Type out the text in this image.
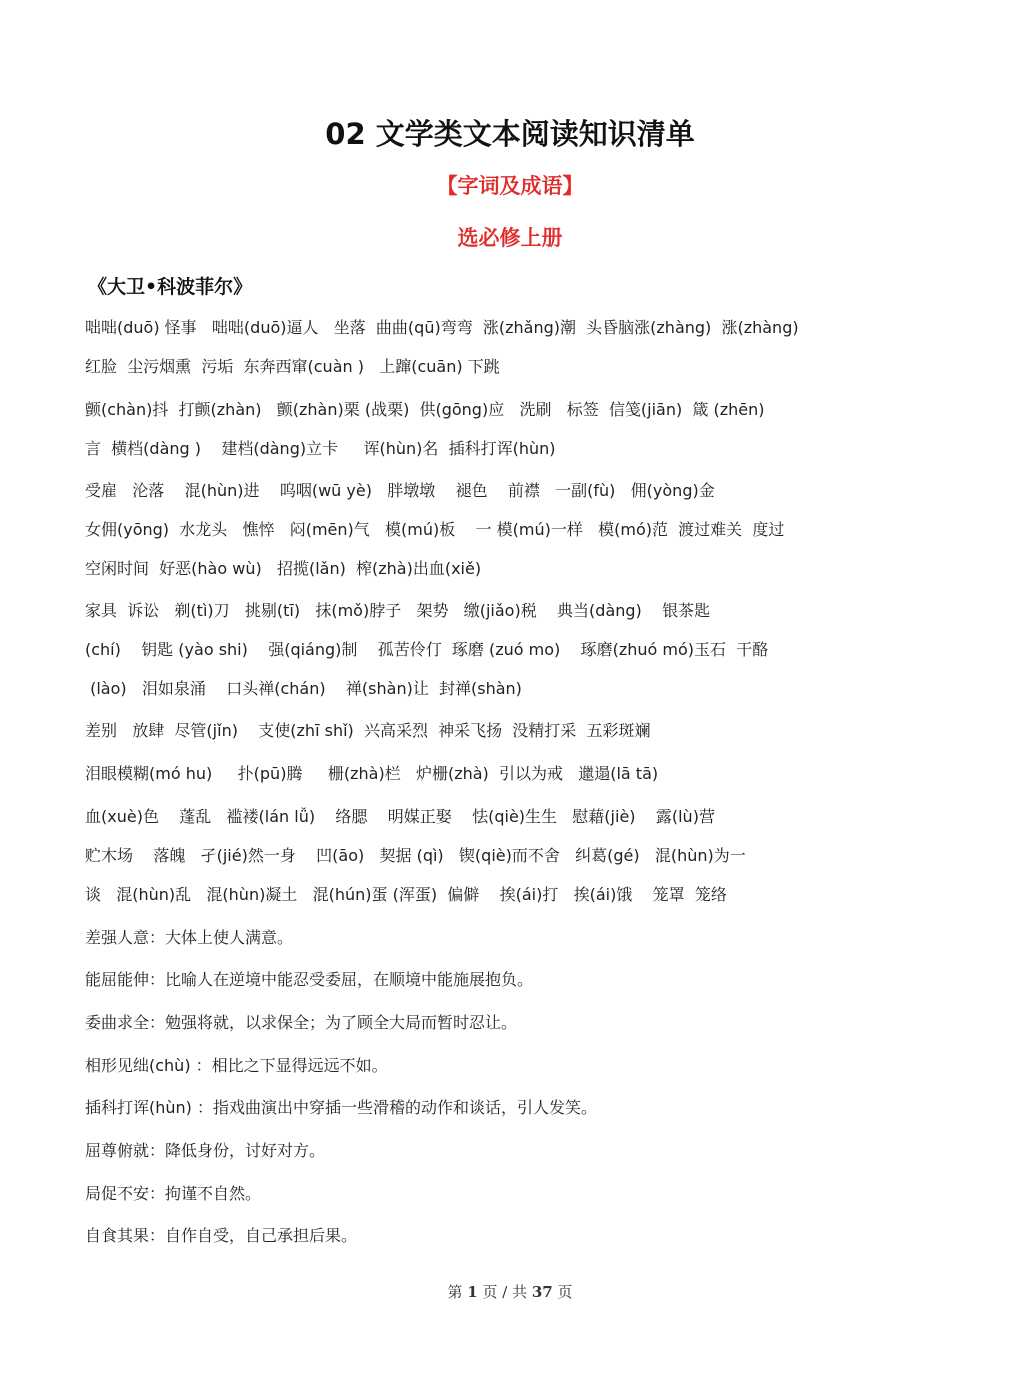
02 文学类文本阅读知识清单
【字词及成语】
选必修上册
《大卫•科波菲尔》
咄咄(duō) 怪事   咄咄(duō)逼人   坐落  曲曲(qū)弯弯  涨(zhǎng)潮  头昏脑涨(zhàng)  涨(zhàng)
红脸  尘污烟熏  污垢  东奔西窜(cuàn )   上蹿(cuān) 下跳
颤(chàn)抖  打颤(zhàn)   颤(zhàn)栗 (战栗)  供(gōng)应   洗刷   标签  信笺(jiān)  箴 (zhēn)
言  横档(dàng )    建档(dàng)立卡     诨(hùn)名  插科打诨(hùn)
受雇   沦落    混(hùn)进    呜咽(wū yè)   胖墩墩    褪色    前襟   一副(fù)   佣(yòng)金
女佣(yōng)  水龙头   憔悴   闷(mēn)气   模(mú)板    一 模(mú)一样   模(mó)范  渡过难关  度过
空闲时间  好恶(hào wù)   招揽(lǎn)  榨(zhà)出血(xiě)
家具  诉讼   剃(tì)刀   挑剔(tī)   抹(mǒ)脖子   架势   缴(jiǎo)税    典当(dàng)    银茶匙
(chí)    钥匙 (yào shi)    强(qiáng)制    孤苦伶仃  琢磨 (zuó mo)    琢磨(zhuó mó)玉石  干酪
(lào)   泪如泉涌    口头禅(chán)    禅(shàn)让  封禅(shàn)
差别   放肆  尽管(jǐn)    支使(zhī shǐ)  兴高采烈  神采飞扬  没精打采  五彩斑斓
泪眼模糊(mó hu)     扑(pū)腾     栅(zhà)栏   炉栅(zhà)  引以为戒   邋遢(lā tā)
血(xuè)色    蓬乱   褴褛(lán lǚ)    络腮    明媒正娶    怯(qiè)生生   慰藉(jiè)    露(lù)营
贮木场    落魄   孑(jié)然一身    凹(āo)   契据 (qì)   锲(qiè)而不舍   纠葛(gé)   混(hùn)为一
谈   混(hùn)乱   混(hùn)凝土   混(hún)蛋 (浑蛋)  偏僻    挨(ái)打   挨(ái)饿    笼罩  笼络
差强人意：大体上使人满意。
能屈能伸：比喻人在逆境中能忍受委屈，在顺境中能施展抱负。
委曲求全：勉强将就，以求保全；为了顾全大局而暂时忍让。
相形见绌(chù) ：相比之下显得远远不如。
插科打诨(hùn) ：指戏曲演出中穿插一些滑稽的动作和谈话，引人发笑。
屈尊俯就：降低身份，讨好对方。
局促不安：拘谨不自然。
自食其果：自作自受，自己承担后果。
第 1 页 / 共 37 页
